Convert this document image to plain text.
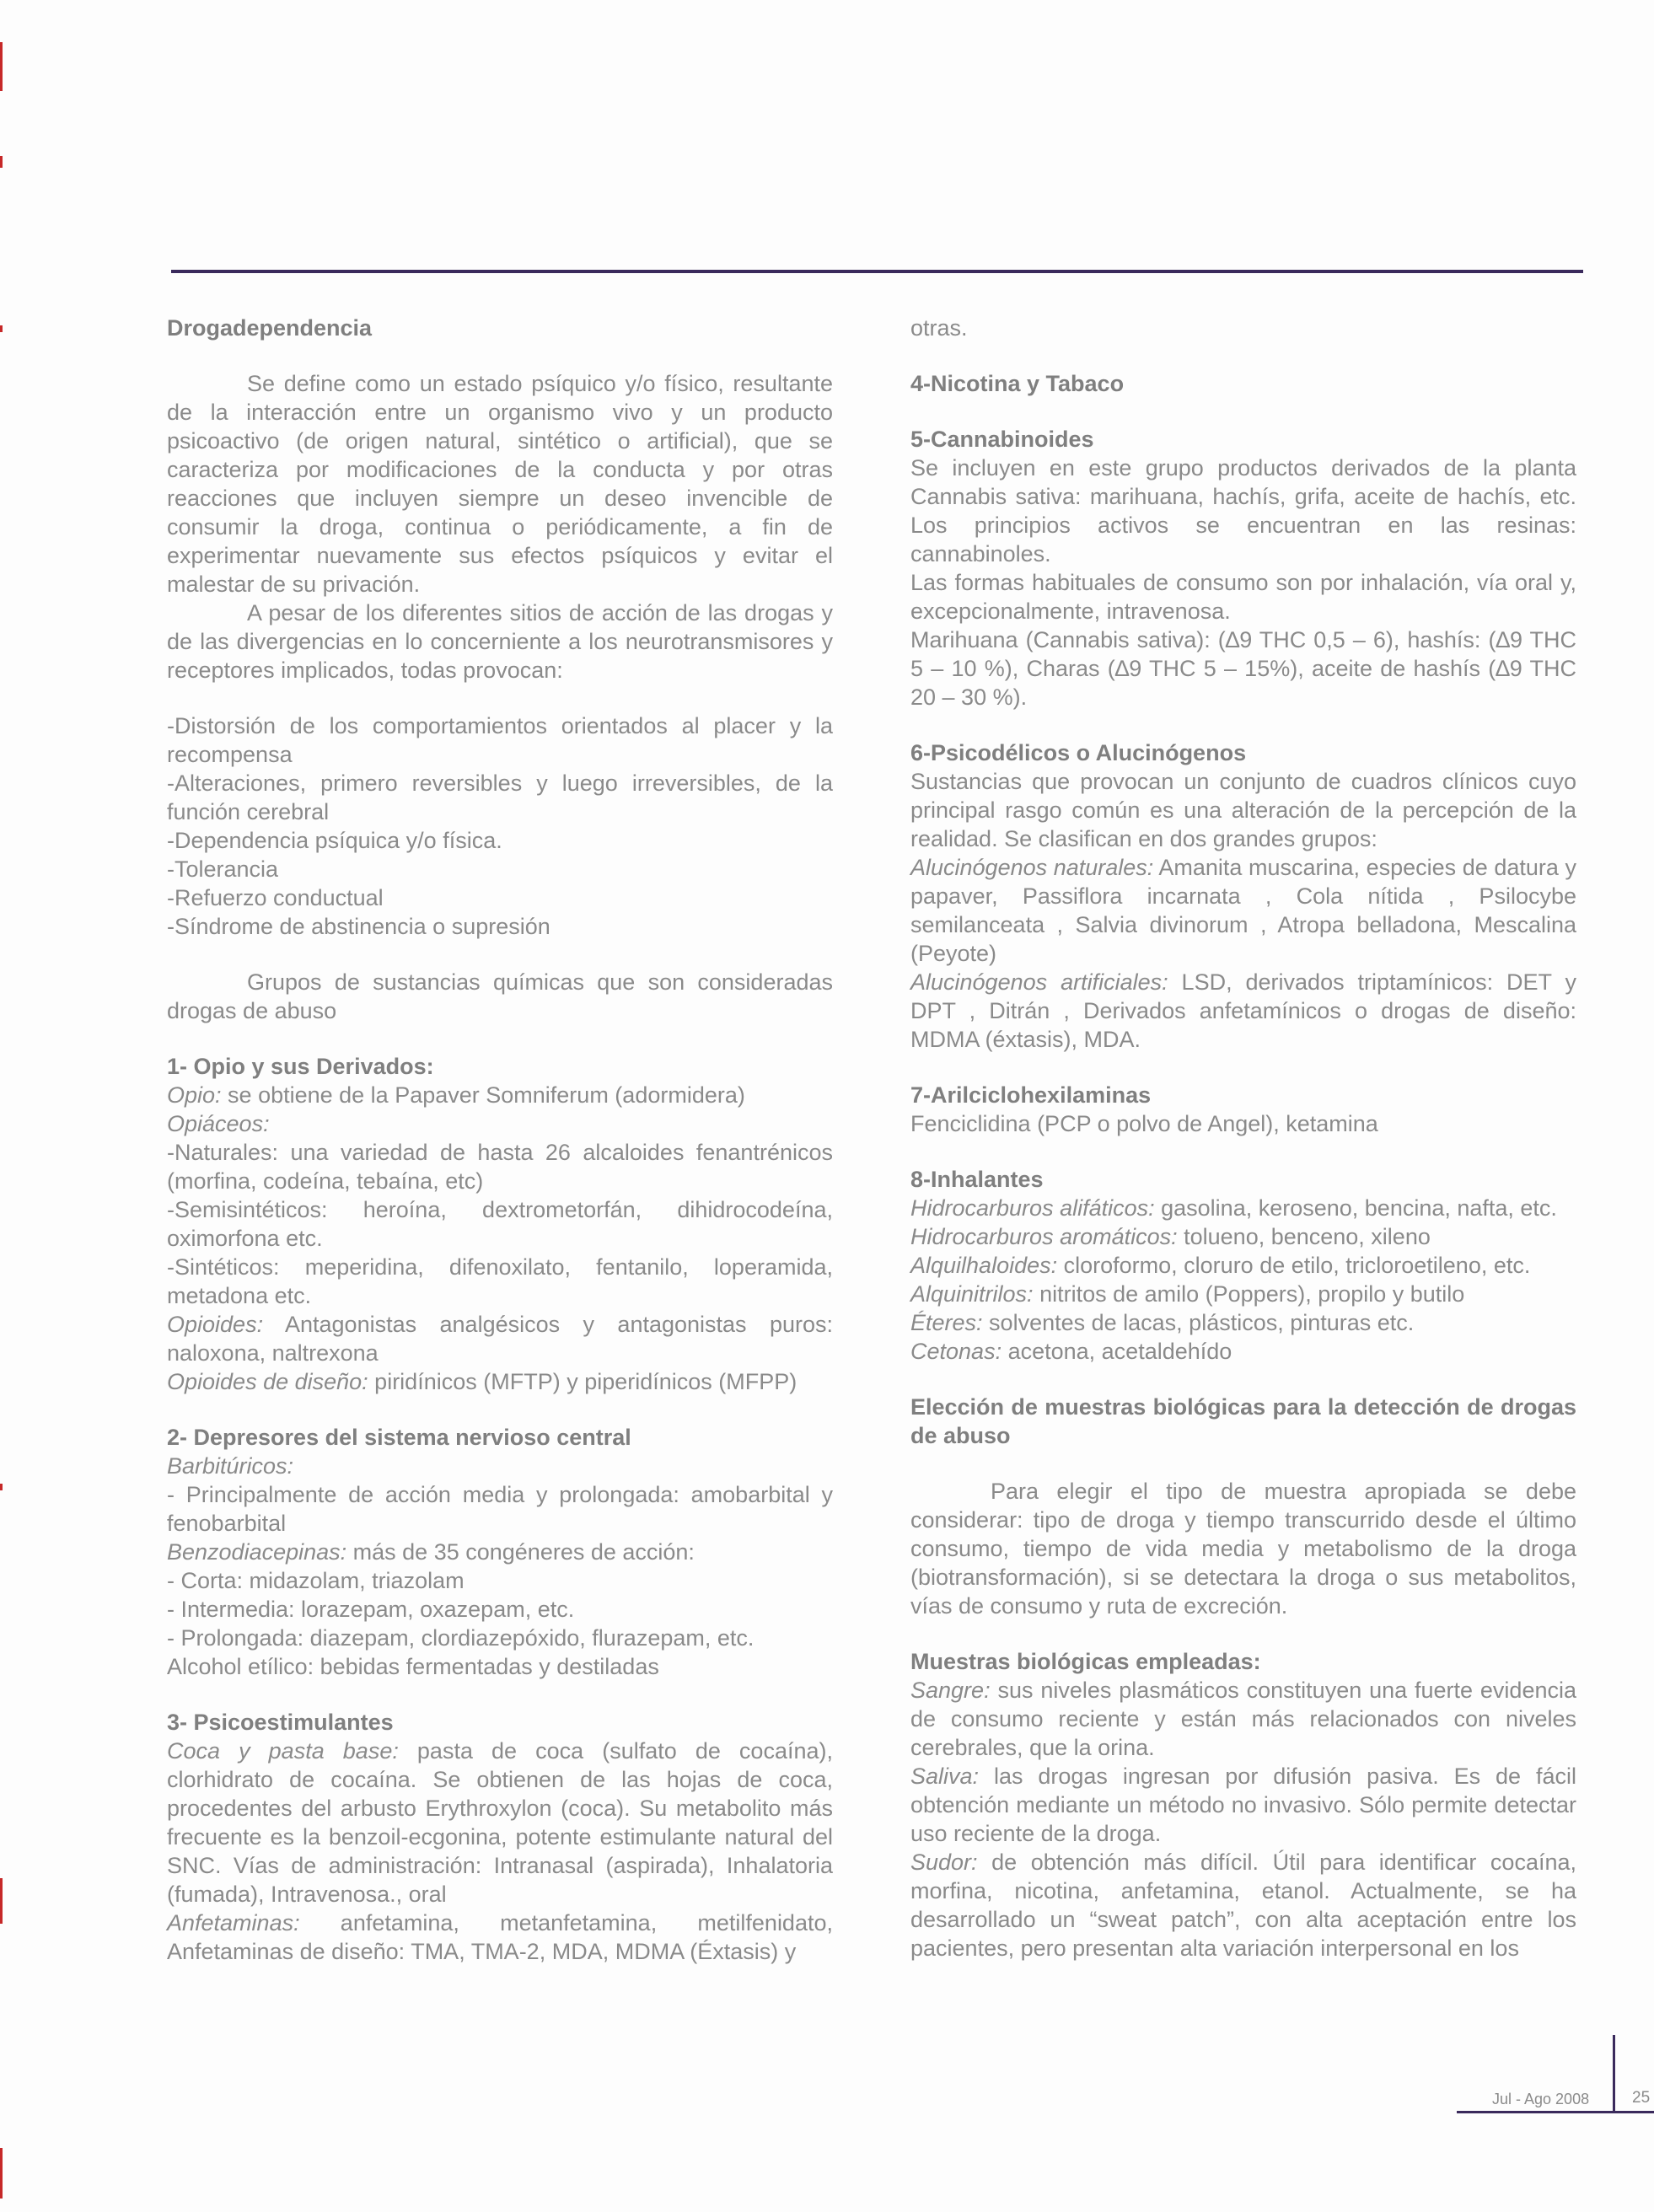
Drogadependencia

Se define como un estado psíquico y/o físico, resultante de la interacción entre un organismo vivo y un producto psicoactivo (de origen natural, sintético o artificial), que se caracteriza por modificaciones de la conducta y por otras reacciones que incluyen siempre un deseo invencible de consumir la droga, continua o periódicamente, a fin de experimentar nuevamente sus efectos psíquicos y evitar el malestar de su privación.

A pesar de los diferentes sitios de acción de las drogas y de las divergencias en lo concerniente a los neurotransmisores y receptores implicados, todas provocan:

-Distorsión de los comportamientos orientados al placer y la recompensa

-Alteraciones, primero reversibles y luego irreversibles, de la función cerebral

-Dependencia psíquica y/o física.

-Tolerancia

-Refuerzo conductual

-Síndrome de abstinencia o supresión

Grupos de sustancias químicas que son consideradas drogas de abuso

1- Opio y sus Derivados:

Opio: se obtiene de la Papaver Somniferum (adormidera)

Opiáceos:

-Naturales: una variedad de hasta 26 alcaloides fenantrénicos (morfina, codeína, tebaína, etc)

-Semisintéticos: heroína, dextrometorfán, dihidrocodeína, oximorfona etc.

-Sintéticos: meperidina, difenoxilato, fentanilo, loperamida, metadona etc.

Opioides: Antagonistas analgésicos y antagonistas puros: naloxona, naltrexona

Opioides de diseño: piridínicos (MFTP) y piperidínicos (MFPP)

2- Depresores del sistema nervioso central

Barbitúricos:

- Principalmente de acción media y prolongada: amobarbital y fenobarbital

Benzodiacepinas: más de 35 congéneres de acción:

- Corta: midazolam, triazolam

- Intermedia: lorazepam, oxazepam, etc.

- Prolongada: diazepam, clordiazepóxido, flurazepam, etc.

Alcohol etílico: bebidas fermentadas y destiladas

3- Psicoestimulantes

Coca y pasta base: pasta de coca (sulfato de cocaína), clorhidrato de cocaína. Se obtienen de las hojas de coca, procedentes del arbusto Erythroxylon (coca). Su metabolito más frecuente es la benzoil-ecgonina, potente estimulante natural del SNC. Vías de administración: Intranasal (aspirada), Inhalatoria (fumada), Intravenosa., oral

Anfetaminas: anfetamina, metanfetamina, metilfenidato, Anfetaminas de diseño: TMA, TMA-2, MDA, MDMA (Éxtasis) y

otras.

4-Nicotina y Tabaco

5-Cannabinoides

Se incluyen en este grupo productos derivados de la planta Cannabis sativa: marihuana, hachís, grifa, aceite de hachís, etc. Los principios activos se encuentran en las resinas: cannabinoles.

Las formas habituales de consumo son por inhalación, vía oral y, excepcionalmente, intravenosa.

Marihuana (Cannabis sativa): (∆9 THC 0,5 – 6), hashís: (∆9 THC 5 – 10 %), Charas (∆9 THC 5 – 15%), aceite de hashís (∆9 THC 20 – 30 %).

6-Psicodélicos o Alucinógenos

Sustancias que provocan un conjunto de cuadros clínicos cuyo principal rasgo común es una alteración de la percepción de la realidad. Se clasifican en dos grandes grupos:

Alucinógenos naturales: Amanita muscarina, especies de datura y papaver, Passiflora incarnata , Cola nítida , Psilocybe semilanceata , Salvia divinorum , Atropa belladona, Mescalina (Peyote)

Alucinógenos artificiales: LSD, derivados triptamínicos: DET y DPT , Ditrán , Derivados anfetamínicos o drogas de diseño: MDMA (éxtasis), MDA.

7-Arilciclohexilaminas

Fenciclidina (PCP o polvo de Angel), ketamina

8-Inhalantes

Hidrocarburos alifáticos: gasolina, keroseno, bencina, nafta, etc.

Hidrocarburos aromáticos: tolueno, benceno, xileno

Alquilhaloides: cloroformo, cloruro de etilo, tricloroetileno, etc.

Alquinitrilos: nitritos de amilo (Poppers), propilo y butilo

Éteres: solventes de lacas, plásticos, pinturas etc.

Cetonas: acetona, acetaldehído

Elección de muestras biológicas para la detección de drogas de abuso

Para elegir el tipo de muestra apropiada se debe considerar: tipo de droga y tiempo transcurrido desde el último consumo, tiempo de vida media y metabolismo de la droga (biotransformación), si se detectara la droga o sus metabolitos, vías de consumo y ruta de excreción.

Muestras biológicas empleadas:

Sangre: sus niveles plasmáticos constituyen una fuerte evidencia de consumo reciente y están más relacionados con niveles cerebrales, que la orina.

Saliva: las drogas ingresan por difusión pasiva. Es de fácil obtención mediante un método no invasivo. Sólo permite detectar uso reciente de la droga.

Sudor: de obtención más difícil. Útil para identificar cocaína, morfina, nicotina, anfetamina, etanol. Actualmente, se ha desarrollado un “sweat patch”, con alta aceptación entre los pacientes, pero presentan alta variación interpersonal en los

Jul - Ago 2008	25
